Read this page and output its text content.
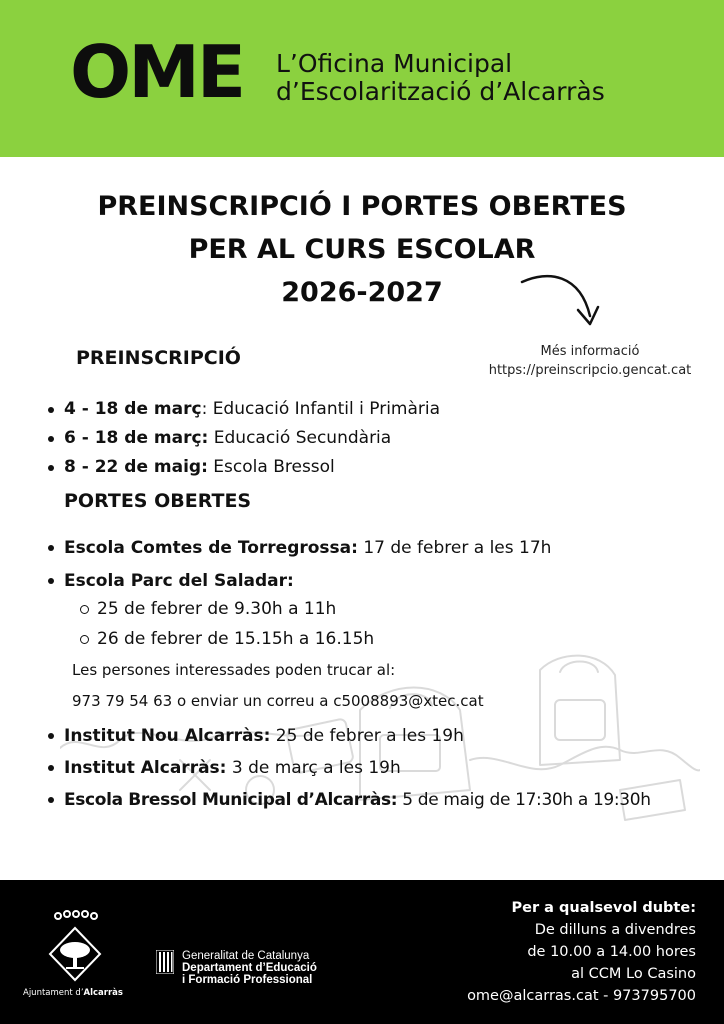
OME L’Oficina Municipal
d’Escolarització d’Alcarràs
PREINSCRIPCIÓ I PORTES OBERTES
PER AL CURS ESCOLAR
2026-2027
Més informació
https://preinscripcio.gencat.cat
PREINSCRIPCIÓ
4 - 18 de març: Educació Infantil i Primària
6 - 18 de març: Educació Secundària
8 - 22 de maig: Escola Bressol
PORTES OBERTES
Escola Comtes de Torregrossa: 17 de febrer a les 17h
Escola Parc del Saladar:
25 de febrer de 9.30h a 11h
26 de febrer de 15.15h a 16.15h
Les persones interessades poden trucar al:
973 79 54 63 o enviar un correu a c5008893@xtec.cat
Institut Nou Alcarràs: 25 de febrer a les 19h
Institut Alcarràs: 3 de març a les 19h
Escola Bressol Municipal d’Alcarràs: 5 de maig de 17:30h a 19:30h
Ajuntament d’Alcarràs
Generalitat de Catalunya
Departament d’Educació
i Formació Professional
Per a qualsevol dubte:
De dilluns a divendres
de 10.00 a 14.00 hores
al CCM Lo Casino
ome@alcarras.cat - 973795700
